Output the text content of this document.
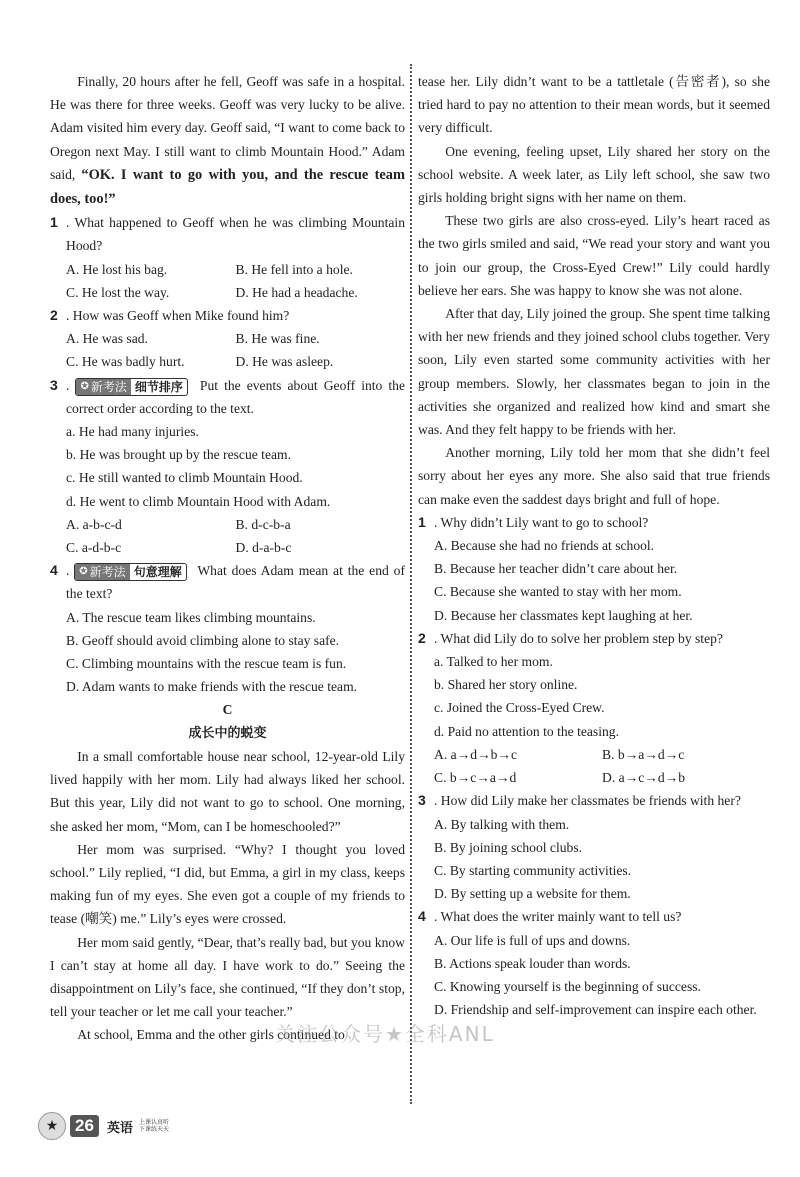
Finally, 20 hours after he fell, Geoff was safe in a hospital. He was there for three weeks. Geoff was very lucky to be alive. Adam visited him every day. Geoff said, “I want to come back to Oregon next May. I still want to climb Mountain Hood.” Adam said, “OK. I want to go with you, and the rescue team does, too!”

1 . What happened to Geoff when he was climbing Mountain Hood?
A. He lost his bag.	B. He fell into a hole.
C. He lost the way.	D. He had a headache.
2 . How was Geoff when Mike found him?
A. He was sad.	B. He was fine.
C. He was badly hurt.	D. He was asleep.
3 . ✪ 新考法 细节排序 Put the events about Geoff into the correct order according to the text.
a. He had many injuries.
b. He was brought up by the rescue team.
c. He still wanted to climb Mountain Hood.
d. He went to climb Mountain Hood with Adam.
A. a-b-c-d	B. d-c-b-a
C. a-d-b-c	D. d-a-b-c
4 . ✪ 新考法 句意理解 What does Adam mean at the end of the text?
A. The rescue team likes climbing mountains.
B. Geoff should avoid climbing alone to stay safe.
C. Climbing mountains with the rescue team is fun.
D. Adam wants to make friends with the rescue team.
C
成长中的蜕变

In a small comfortable house near school, 12-year-old Lily lived happily with her mom. Lily had always liked her school. But this year, Lily did not want to go to school. One morning, she asked her mom, “Mom, can I be homeschooled?”

Her mom was surprised. “Why? I thought you loved school.” Lily replied, “I did, but Emma, a girl in my class, keeps making fun of my eyes. She even got a couple of my friends to tease (嘲笑) me.” Lily’s eyes were crossed.

Her mom said gently, “Dear, that’s really bad, but you know I can’t stay at home all day. I have work to do.” Seeing the disappointment on Lily’s face, she continued, “If they don’t stop, tell your teacher or let me call your teacher.”

At school, Emma and the other girls continued to

tease her. Lily didn’t want to be a tattletale (告密者), so she tried hard to pay no attention to their mean words, but it seemed very difficult.

One evening, feeling upset, Lily shared her story on the school website. A week later, as Lily left school, she saw two girls holding bright signs with her name on them.

These two girls are also cross-eyed. Lily’s heart raced as the two girls smiled and said, “We read your story and want you to join our group, the Cross-Eyed Crew!” Lily could hardly believe her ears. She was happy to know she was not alone.

After that day, Lily joined the group. She spent time talking with her new friends and they joined school clubs together. Very soon, Lily even started some community activities with her group members. Slowly, her classmates began to join in the activities she organized and realized how kind and smart she was. And they felt happy to be friends with her.

Another morning, Lily told her mom that she didn’t feel sorry about her eyes any more. She also said that true friends can make even the saddest days bright and full of hope.

1 . Why didn’t Lily want to go to school?
A. Because she had no friends at school.
B. Because her teacher didn’t care about her.
C. Because she wanted to stay with her mom.
D. Because her classmates kept laughing at her.
2 . What did Lily do to solve her problem step by step?
a. Talked to her mom.
b. Shared her story online.
c. Joined the Cross-Eyed Crew.
d. Paid no attention to the teasing.
A. a→d→b→c	B. b→a→d→c
C. b→c→a→d	D. a→c→d→b
3 . How did Lily make her classmates be friends with her?
A. By talking with them.
B. By joining school clubs.
C. By starting community activities.
D. By setting up a website for them.
4 . What does the writer mainly want to tell us?
A. Our life is full of ups and downs.
B. Actions speak louder than words.
C. Knowing yourself is the beginning of success.
D. Friendship and self-improvement can inspire each other.
关注公众号★全科ANL
★ 26	英语 上课认真听
下课练天天
